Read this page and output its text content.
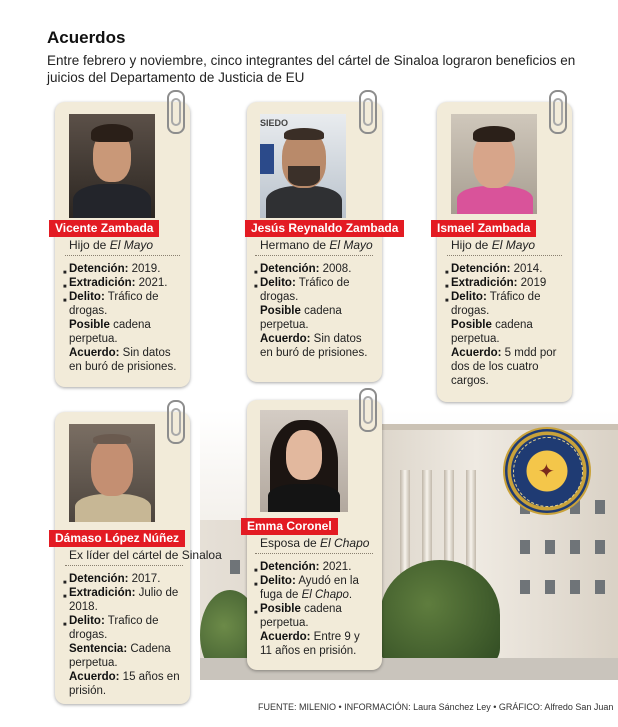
Acuerdos

Entre febrero y noviembre, cinco integrantes del cártel de Sinaloa lograron beneficios en juicios del Departamento de Justicia de EU

✦
Vicente Zambada
Hijo de El Mayo

■ Detención: 2019.

■ Extradición: 2021.

■ Delito: Tráfico de drogas.

Posible cadena perpetua.

Acuerdo: Sin datos en buró de prisiones.

SIEDO
Jesús Reynaldo Zambada
Hermano de El Mayo

■ Detención: 2008.

■ Delito: Tráfico de drogas.

Posible cadena perpetua.

Acuerdo: Sin datos en buró de prisiones.

Ismael Zambada
Hijo de El Mayo

■ Detención: 2014.

■ Extradición: 2019

■ Delito: Tráfico de drogas.

Posible cadena perpetua.

Acuerdo: 5 mdd por dos de los cuatro cargos.

Dámaso López Núñez
Ex líder del cártel de Sinaloa

■ Detención: 2017.

■ Extradición: Julio de 2018.

■ Delito: Trafico de drogas.

Sentencia: Cadena perpetua.

Acuerdo: 15 años en prisión.

Emma Coronel
Esposa de El Chapo

■ Detención: 2021.

■ Delito: Ayudó en la fuga de El Chapo.

■ Posible cadena perpetua.

Acuerdo: Entre 9 y 11 años en prisión.

FUENTE: MILENIO • INFORMACIÓN: Laura Sánchez Ley • GRÁFICO: Alfredo San Juan
